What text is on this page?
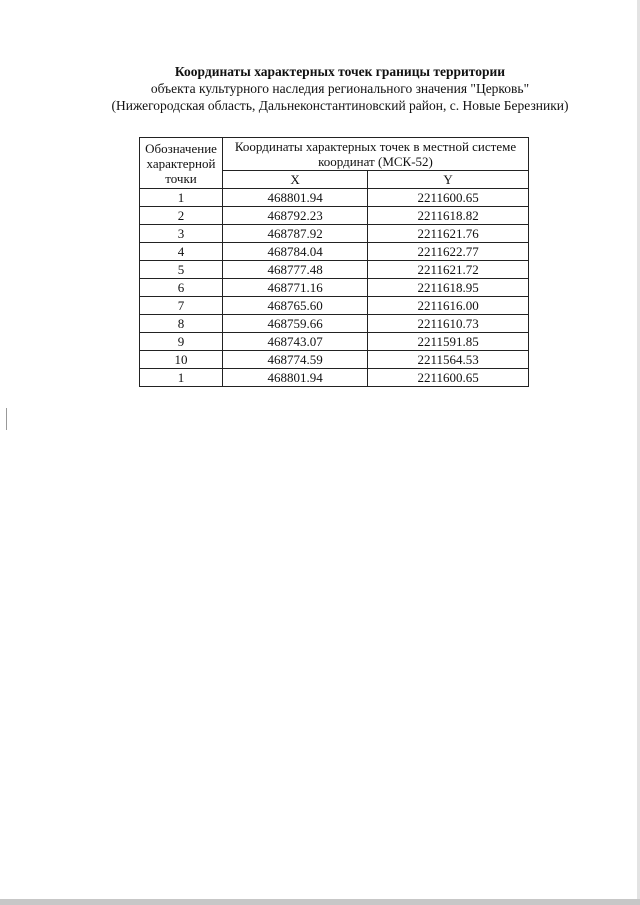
Координаты характерных точек границы территории
объекта культурного наследия регионального значения "Церковь"
(Нижегородская область, Дальнеконстантиновский район, с. Новые Березники)
Обозначение характерной точки	Координаты характерных точек в местной системе координат (МСК-52)	
	X	Y
1	468801.94	2211600.65
2	468792.23	2211618.82
3	468787.92	2211621.76
4	468784.04	2211622.77
5	468777.48	2211621.72
6	468771.16	2211618.95
7	468765.60	2211616.00
8	468759.66	2211610.73
9	468743.07	2211591.85
10	468774.59	2211564.53
1	468801.94	2211600.65
